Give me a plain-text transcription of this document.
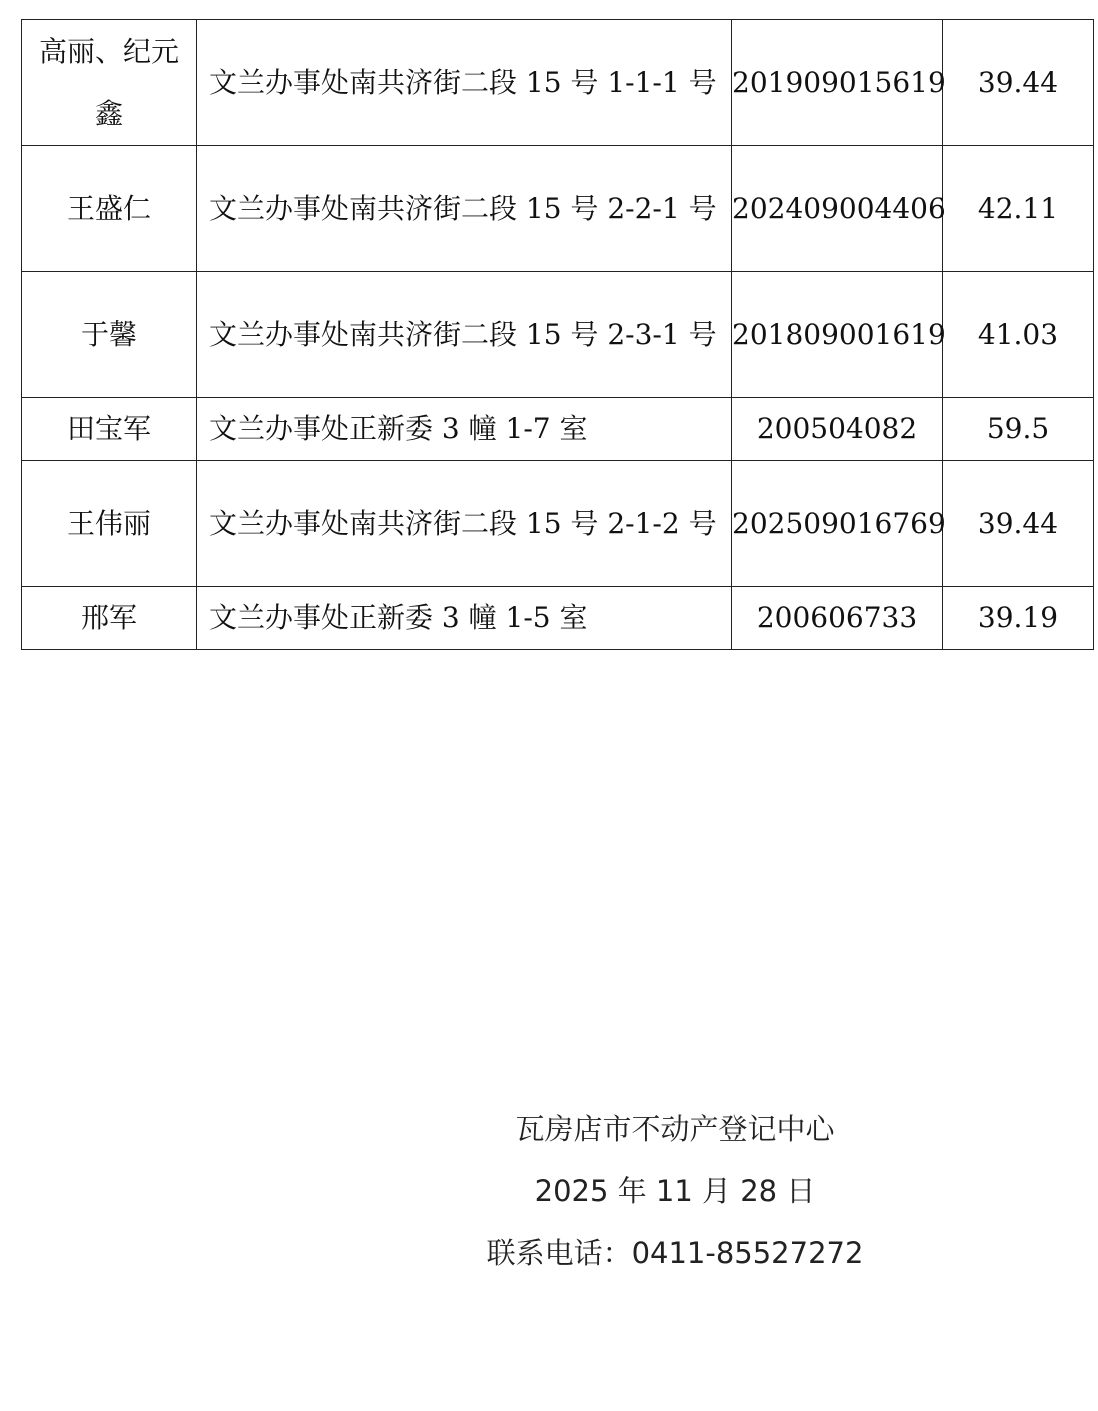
高丽、纪元鑫	文兰办事处南共济街二段 15 号 1-1-1 号	201909015619	39.44
王盛仁	文兰办事处南共济街二段 15 号 2-2-1 号	202409004406	42.11
于馨	文兰办事处南共济街二段 15 号 2-3-1 号	201809001619	41.03
田宝军	文兰办事处正新委 3 幢 1-7 室	200504082	59.5
王伟丽	文兰办事处南共济街二段 15 号 2-1-2 号	202509016769	39.44
邢军	文兰办事处正新委 3 幢 1-5 室	200606733	39.19
瓦房店市不动产登记中心
2025 年 11 月 28 日
联系电话：0411-85527272
